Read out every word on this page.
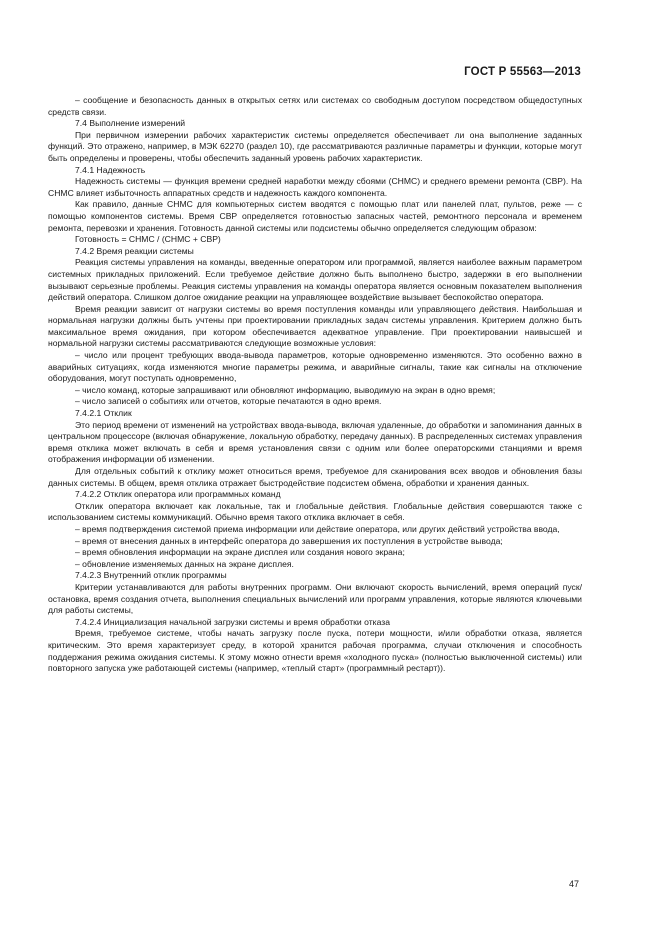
ГОСТ Р 55563—2013

– сообщение и безопасность данных в открытых сетях или системах со свободным доступом посредством общедоступных средств связи.

7.4 Выполнение измерений

При первичном измерении рабочих характеристик системы определяется обеспечивает ли она выполнение заданных функций. Это отражено, например, в МЭК 62270 (раздел 10), где рассматриваются различные параметры и функции, которые могут быть определены и проверены, чтобы обеспечить заданный уровень рабочих характеристик.

7.4.1 Надежность

Надежность системы — функция времени средней наработки между сбоями (СНМС) и среднего времени ремонта (СВР). На СНМС влияет избыточность аппаратных средств и надежность каждого компонента.

Как правило, данные СНМС для компьютерных систем вводятся с помощью плат или панелей плат, пультов, реже — с помощью компонентов системы. Время СВР определяется готовностью запасных частей, ремонтного персонала и временем ремонта, перевозки и хранения. Готовность данной системы или подсистемы обычно определяется следующим образом:

Готовность = СНМС / (СНМС + СВР)

7.4.2 Время реакции системы

Реакция системы управления на команды, введенные оператором или программой, является наиболее важным параметром системных прикладных приложений. Если требуемое действие должно быть выполнено быстро, задержки в его выполнении вызывают серьезные проблемы. Реакция системы управления на команды оператора является основным показателем выполнения действий оператора. Слишком долгое ожидание реакции на управляющее воздействие вызывает беспокойство оператора.

Время реакции зависит от нагрузки системы во время поступления команды или управляющего действия. Наибольшая и нормальная нагрузки должны быть учтены при проектировании прикладных задач системы управления. Критерием должно быть максимальное время ожидания, при котором обеспечивается адекватное управление. При проектировании наивысшей и нормальной нагрузки системы рассматриваются следующие возможные условия:

– число или процент требующих ввода-вывода параметров, которые одновременно изменяются. Это особенно важно в аварийных ситуациях, когда изменяются многие параметры режима, и аварийные сигналы, такие как сигналы на отключение оборудования, могут поступать одновременно,

– число команд, которые запрашивают или обновляют информацию, выводимую на экран в одно время;

– число записей о событиях или отчетов, которые печатаются в одно время.

7.4.2.1 Отклик

Это период времени от изменений на устройствах ввода-вывода, включая удаленные, до обработки и запоминания данных в центральном процессоре (включая обнаружение, локальную обработку, передачу данных). В распределенных системах управления время отклика может включать в себя и время установления связи с одним или более операторскими станциями и время отображения информации об изменении.

Для отдельных событий к отклику может относиться время, требуемое для сканирования всех вводов и обновления базы данных системы. В общем, время отклика отражает быстродействие подсистем обмена, обработки и хранения данных.

7.4.2.2 Отклик оператора или программных команд

Отклик оператора включает как локальные, так и глобальные действия. Глобальные действия совершаются также с использованием системы коммуникаций. Обычно время такого отклика включает в себя.

– время подтверждения системой приема информации или действие оператора, или других действий устройства ввода,

– время от внесения данных в интерфейс оператора до завершения их поступления в устройстве вывода;

– время обновления информации на экране дисплея или создания нового экрана;

– обновление изменяемых данных на экране дисплея.

7.4.2.3 Внутренний отклик программы

Критерии устанавливаются для работы внутренних программ. Они включают скорость вычислений, время операций пуск/остановка, время создания отчета, выполнения специальных вычислений или программ управления, которые являются ключевыми для работы системы,

7.4.2.4 Инициализация начальной загрузки системы и время обработки отказа

Время, требуемое системе, чтобы начать загрузку после пуска, потери мощности, и/или обработки отказа, является критическим. Это время характеризует среду, в которой хранится рабочая программа, случаи отключения и способность поддержания режима ожидания системы. К этому можно отнести время «холодного пуска» (полностью выключенной системы) или повторного запуска уже работающей системы (например, «теплый старт» (программный рестарт)).

47
